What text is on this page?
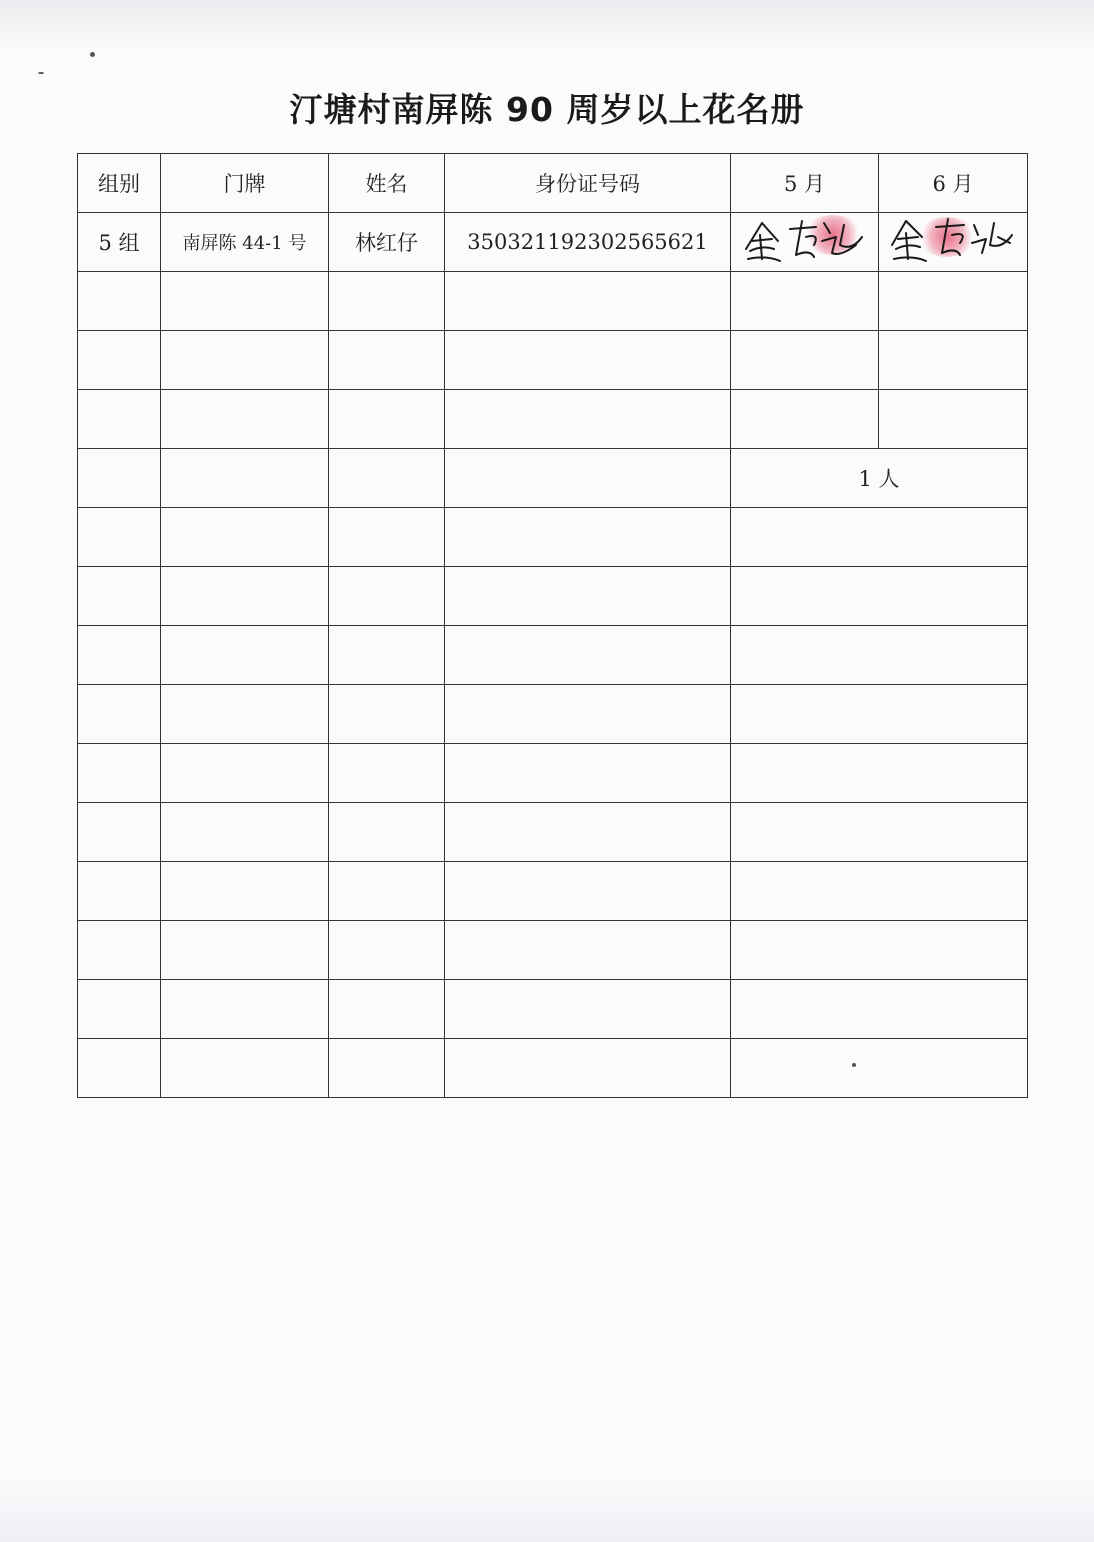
汀塘村南屏陈 90 周岁以上花名册
组别	门牌	姓名	身份证号码	5 月	6 月
5 组	南屏陈 44-1 号	林红仔	350321192302565621	

				1 人	
